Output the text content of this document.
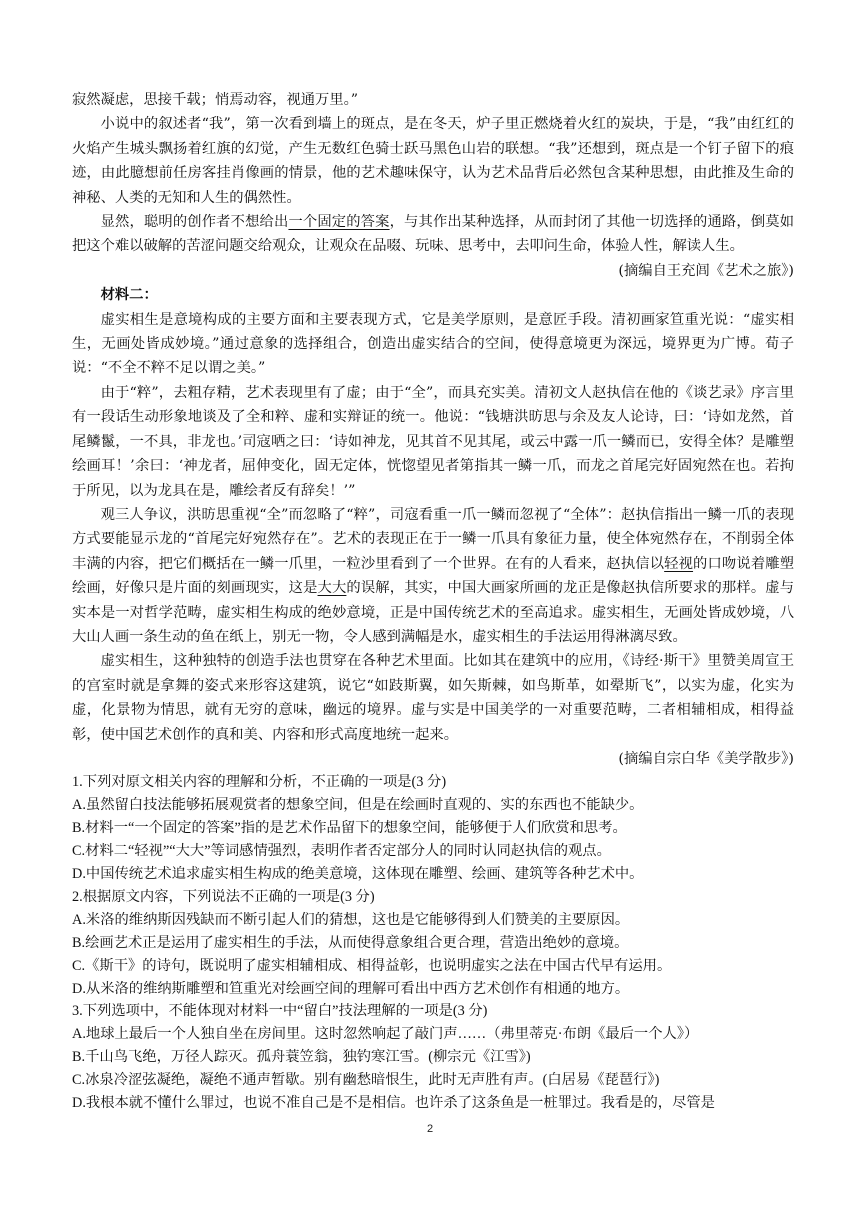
寂然凝虑，思接千载；悄焉动容，视通万里。”

小说中的叙述者“我”，第一次看到墙上的斑点，是在冬天，炉子里正燃烧着火红的炭块，于是，“我”由红红的火焰产生城头飘扬着红旗的幻觉，产生无数红色骑士跃马黑色山岩的联想。“我”还想到，斑点是一个钉子留下的痕迹，由此臆想前任房客挂肖像画的情景，他的艺术趣味保守，认为艺术品背后必然包含某种思想，由此推及生命的神秘、人类的无知和人生的偶然性。

显然，聪明的创作者不想给出一个固定的答案，与其作出某种选择，从而封闭了其他一切选择的通路，倒莫如把这个难以破解的苦涩问题交给观众，让观众在品啜、玩味、思考中，去叩问生命，体验人性，解读人生。

(摘编自王充闾《艺术之旅》)

材料二：

虚实相生是意境构成的主要方面和主要表现方式，它是美学原则，是意匠手段。清初画家笪重光说：“虚实相生，无画处皆成妙境。”通过意象的选择组合，创造出虚实结合的空间，使得意境更为深远，境界更为广博。荀子说：“不全不粹不足以谓之美。”

由于“粹”，去粗存精，艺术表现里有了虚；由于“全”，而具充实美。清初文人赵执信在他的《谈艺录》序言里有一段话生动形象地谈及了全和粹、虚和实辩证的统一。他说：“钱塘洪昉思与余及友人论诗，曰：‘诗如龙然，首尾鳞鬣，一不具，非龙也。’司寇哂之曰：‘诗如神龙，见其首不见其尾，或云中露一爪一鳞而已，安得全体？是雕塑绘画耳！’余曰：‘神龙者，屈伸变化，固无定体，恍惚望见者第指其一鳞一爪，而龙之首尾完好固宛然在也。若拘于所见，以为龙具在是，雕绘者反有辞矣！’”

观三人争议，洪昉思重视“全”而忽略了“粹”，司寇看重一爪一鳞而忽视了“全体”：赵执信指出一鳞一爪的表现方式要能显示龙的“首尾完好宛然存在”。艺术的表现正在于一鳞一爪具有象征力量，使全体宛然存在，不削弱全体丰满的内容，把它们概括在一鳞一爪里，一粒沙里看到了一个世界。在有的人看来，赵执信以轻视的口吻说着雕塑绘画，好像只是片面的刻画现实，这是大大的误解，其实，中国大画家所画的龙正是像赵执信所要求的那样。虚与实本是一对哲学范畴，虚实相生构成的绝妙意境，正是中国传统艺术的至高追求。虚实相生，无画处皆成妙境，八大山人画一条生动的鱼在纸上，别无一物，令人感到满幅是水，虚实相生的手法运用得淋漓尽致。

虚实相生，这种独特的创造手法也贯穿在各种艺术里面。比如其在建筑中的应用，《诗经·斯干》里赞美周宣王的宫室时就是拿舞的姿式来形容这建筑，说它“如跂斯翼，如矢斯棘，如鸟斯革，如翚斯飞”，以实为虚，化实为虚，化景物为情思，就有无穷的意味，幽远的境界。虚与实是中国美学的一对重要范畴，二者相辅相成，相得益彰，使中国艺术创作的真和美、内容和形式高度地统一起来。

(摘编自宗白华《美学散步》)

1.下列对原文相关内容的理解和分析，不正确的一项是(3 分)

A.虽然留白技法能够拓展观赏者的想象空间，但是在绘画时直观的、实的东西也不能缺少。

B.材料一“一个固定的答案”指的是艺术作品留下的想象空间，能够便于人们欣赏和思考。

C.材料二“轻视”“大大”等词感情强烈，表明作者否定部分人的同时认同赵执信的观点。

D.中国传统艺术追求虚实相生构成的绝美意境，这体现在雕塑、绘画、建筑等各种艺术中。

2.根据原文内容，下列说法不正确的一项是(3 分)

A.米洛的维纳斯因残缺而不断引起人们的猜想，这也是它能够得到人们赞美的主要原因。

B.绘画艺术正是运用了虚实相生的手法，从而使得意象组合更合理，营造出绝妙的意境。

C.《斯干》的诗句，既说明了虚实相辅相成、相得益彰，也说明虚实之法在中国古代早有运用。

D.从米洛的维纳斯雕塑和笪重光对绘画空间的理解可看出中西方艺术创作有相通的地方。

3.下列选项中，不能体现对材料一中“留白”技法理解的一项是(3 分)

A.地球上最后一个人独自坐在房间里。这时忽然响起了敲门声……（弗里蒂克·布朗《最后一个人》）

B.千山鸟飞绝，万径人踪灭。孤舟蓑笠翁，独钓寒江雪。(柳宗元《江雪》)

C.冰泉冷涩弦凝绝，凝绝不通声暂歇。别有幽愁暗恨生，此时无声胜有声。(白居易《琵琶行》)

D.我根本就不懂什么罪过，也说不准自己是不是相信。也许杀了这条鱼是一桩罪过。我看是的，尽管是

2
